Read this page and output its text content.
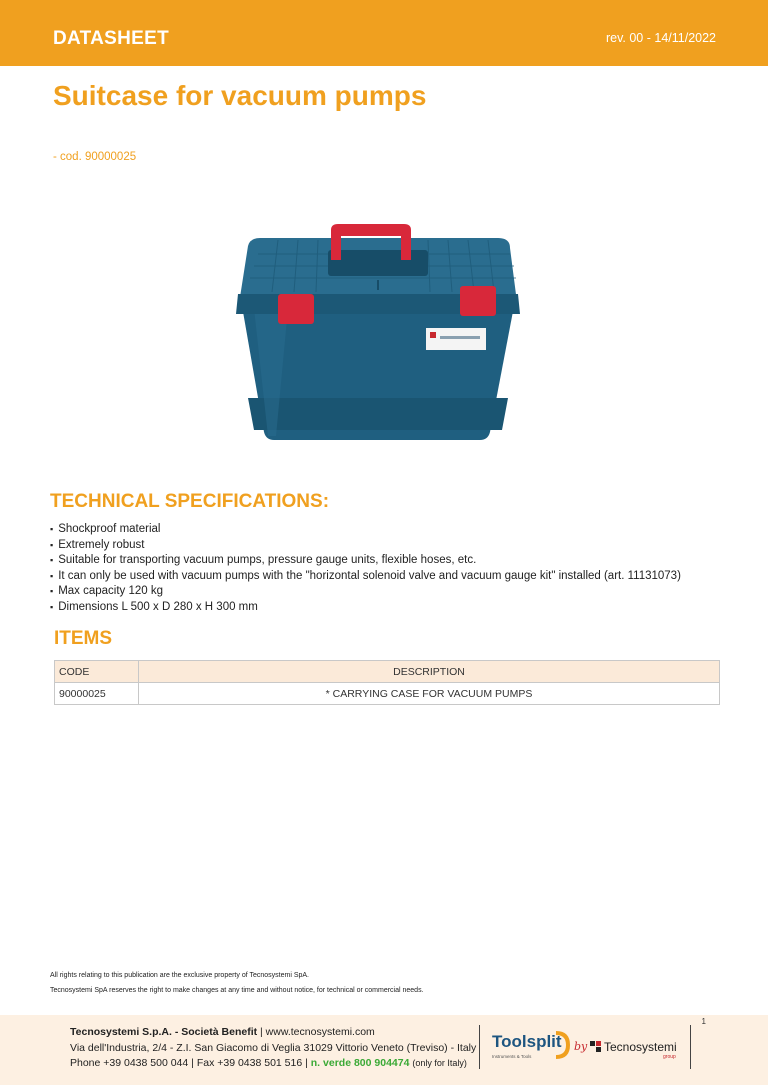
DATASHEET	rev. 00 - 14/11/2022
Suitcase for vacuum pumps
- cod. 90000025
TECHNICAL SPECIFICATIONS:
▪ Shockproof material
▪ Extremely robust
▪ Suitable for transporting vacuum pumps, pressure gauge units, flexible hoses, etc.
▪ It can only be used with vacuum pumps with the "horizontal solenoid valve and vacuum gauge kit" installed (art. 11131073)
▪ Max capacity 120 kg
▪ Dimensions L 500 x D 280 x H 300 mm
ITEMS
CODE	DESCRIPTION
90000025	* CARRYING CASE FOR VACUUM PUMPS
All rights relating to this publication are the exclusive property of Tecnosystemi SpA.
Tecnosystemi SpA reserves the right to make changes at any time and without notice, for technical or commercial needs.
1
Tecnosystemi S.p.A. - Società Benefit | www.tecnosystemi.com
Via dell'Industria, 2/4 - Z.I. San Giacomo di Veglia 31029 Vittorio Veneto (Treviso) - Italy
Phone +39 0438 500 044 | Fax +39 0438 501 516 | n. verde 800 904474 (only for Italy)
Toolsplit
Instruments & Tools
by Tecnosystemi
group
